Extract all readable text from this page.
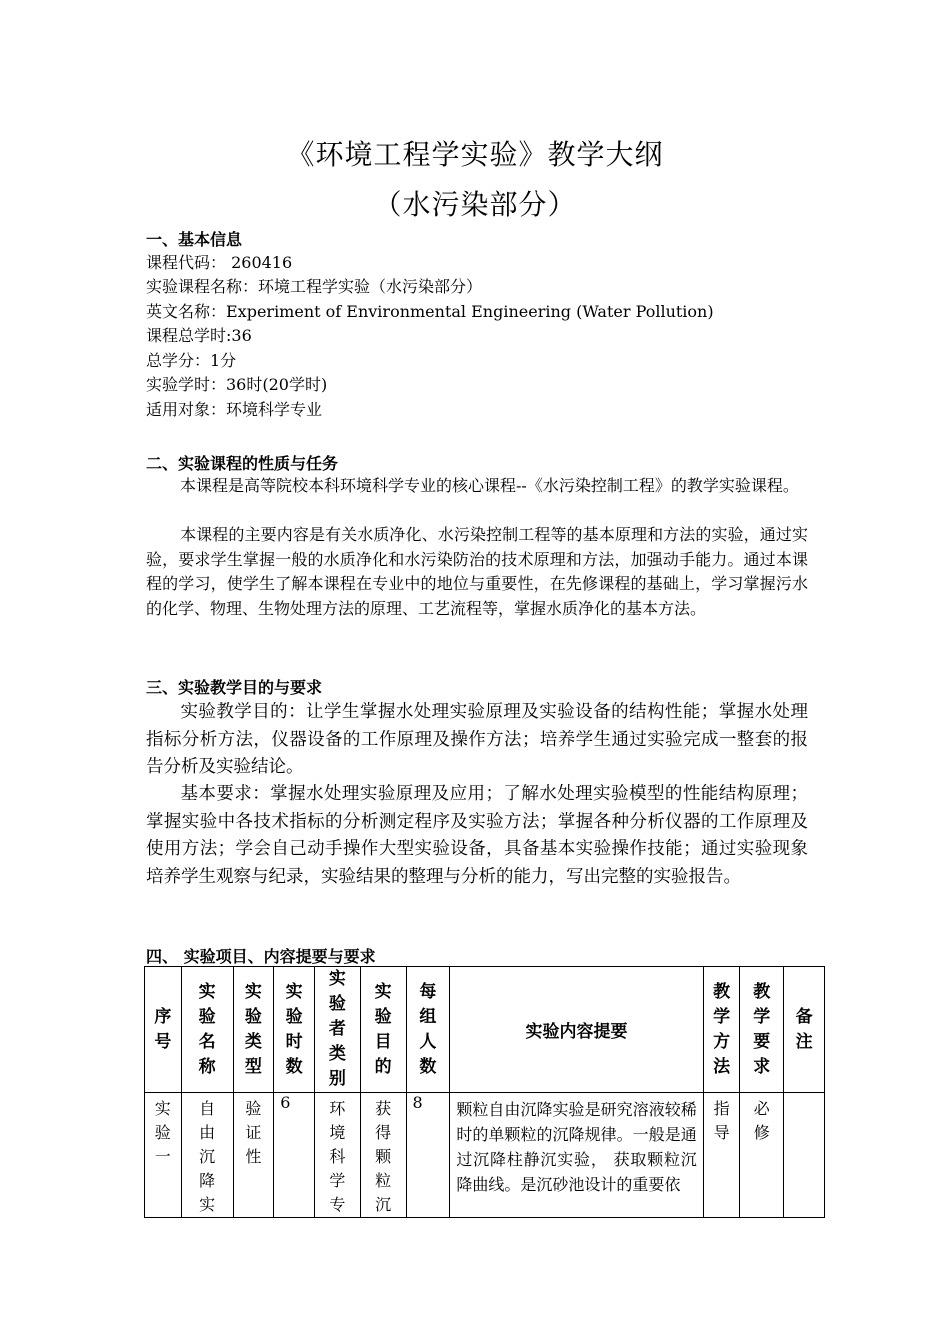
《环境工程学实验》教学大纲
（水污染部分）
一、基本信息
课程代码： 260416
实验课程名称：环境工程学实验（水污染部分）
英文名称：Experiment of Environmental Engineering (Water Pollution)
课程总学时:36
总学分：1分
实验学时：36时(20学时)
适用对象：环境科学专业
二、实验课程的性质与任务
本课程是高等院校本科环境科学专业的核心课程--《水污染控制工程》的教学实验课程。
本课程的主要内容是有关水质净化、水污染控制工程等的基本原理和方法的实验，通过实验，要求学生掌握一般的水质净化和水污染防治的技术原理和方法，加强动手能力。通过本课程的学习，使学生了解本课程在专业中的地位与重要性，在先修课程的基础上，学习掌握污水的化学、物理、生物处理方法的原理、工艺流程等，掌握水质净化的基本方法。
三、实验教学目的与要求
实验教学目的：让学生掌握水处理实验原理及实验设备的结构性能；掌握水处理指标分析方法，仪器设备的工作原理及操作方法；培养学生通过实验完成一整套的报告分析及实验结论。
基本要求：掌握水处理实验原理及应用；了解水处理实验模型的性能结构原理；掌握实验中各技术指标的分析测定程序及实验方法；掌握各种分析仪器的工作原理及使用方法；学会自己动手操作大型实验设备，具备基本实验操作技能；通过实验现象培养学生观察与纪录，实验结果的整理与分析的能力，写出完整的实验报告。
四、 实验项目、内容提要与要求
序号	实验名称	实验类型	实验时数	实验者类别	实验目的	每组人数	实验内容提要	教学方法	教学要求	备注

实验一	自由沉降实	验证性	6	环境科学专	获得颗粒沉	8	颗粒自由沉降实验是研究溶液较稀时的单颗粒的沉降规律。一般是通过沉降柱静沉实验， 获取颗粒沉降曲线。是沉砂池设计的重要依	指导	必修	
